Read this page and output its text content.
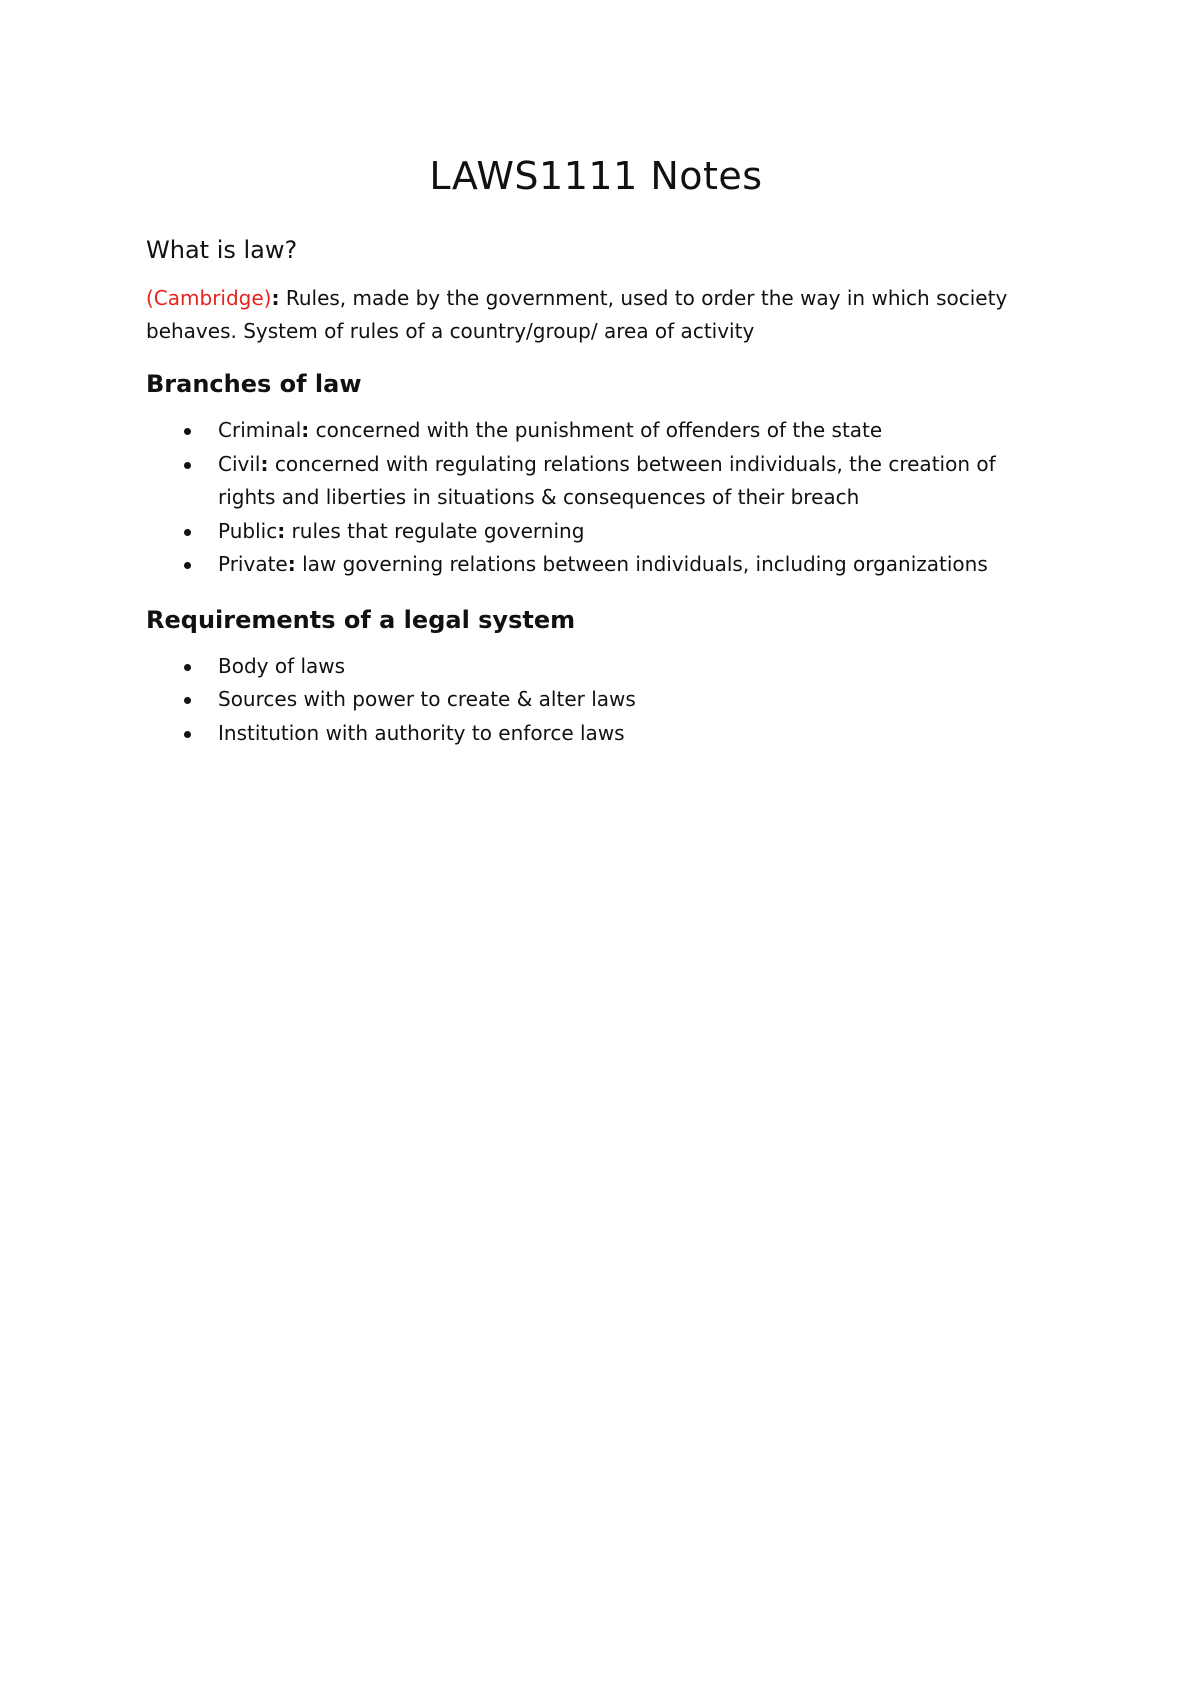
LAWS1111 Notes
What is law?

(Cambridge): Rules, made by the government, used to order the way in which society behaves. System of rules of a country/group/ area of activity

Branches of law
Criminal: concerned with the punishment of offenders of the state
Civil: concerned with regulating relations between individuals, the creation of rights and liberties in situations & consequences of their breach
Public: rules that regulate governing
Private: law governing relations between individuals, including organizations
Requirements of a legal system
Body of laws
Sources with power to create & alter laws
Institution with authority to enforce laws
